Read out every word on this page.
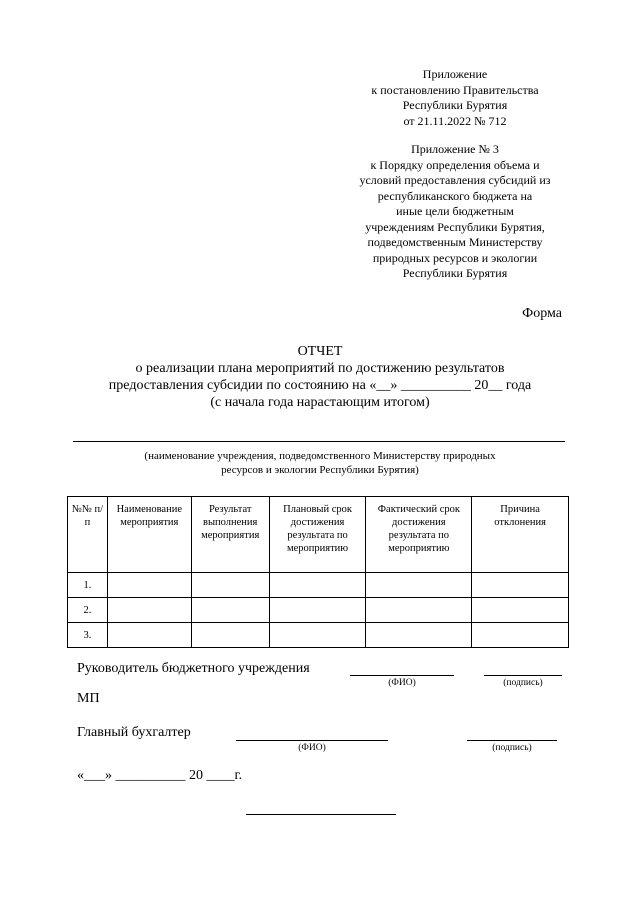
Приложение
к постановлению Правительства
Республики Бурятия
от 21.11.2022 № 712
Приложение № 3
к Порядку определения объема и
условий предоставления субсидий из
республиканского бюджета на
иные цели бюджетным
учреждениям Республики Бурятия,
подведомственным Министерству
природных ресурсов и экологии
Республики Бурятия
Форма
ОТЧЕТ
о реализации плана мероприятий по достижению результатов
предоставления субсидии по состоянию на «__» __________ 20__ года
(с начала года нарастающим итогом)
(наименование учреждения, подведомственного Министерству природных
ресурсов и экологии Республики Бурятия)
№№ п/п	Наименование мероприятия	Результат выполнения мероприятия	Плановый срок достижения результата по мероприятию	Фактический срок достижения результата по мероприятию	Причина отклонения
1.					
2.					
3.					
Руководитель бюджетного учреждения
(ФИО)	(подпись)
МП
Главный бухгалтер
(ФИО)	(подпись)
«___» __________ 20 ____г.
